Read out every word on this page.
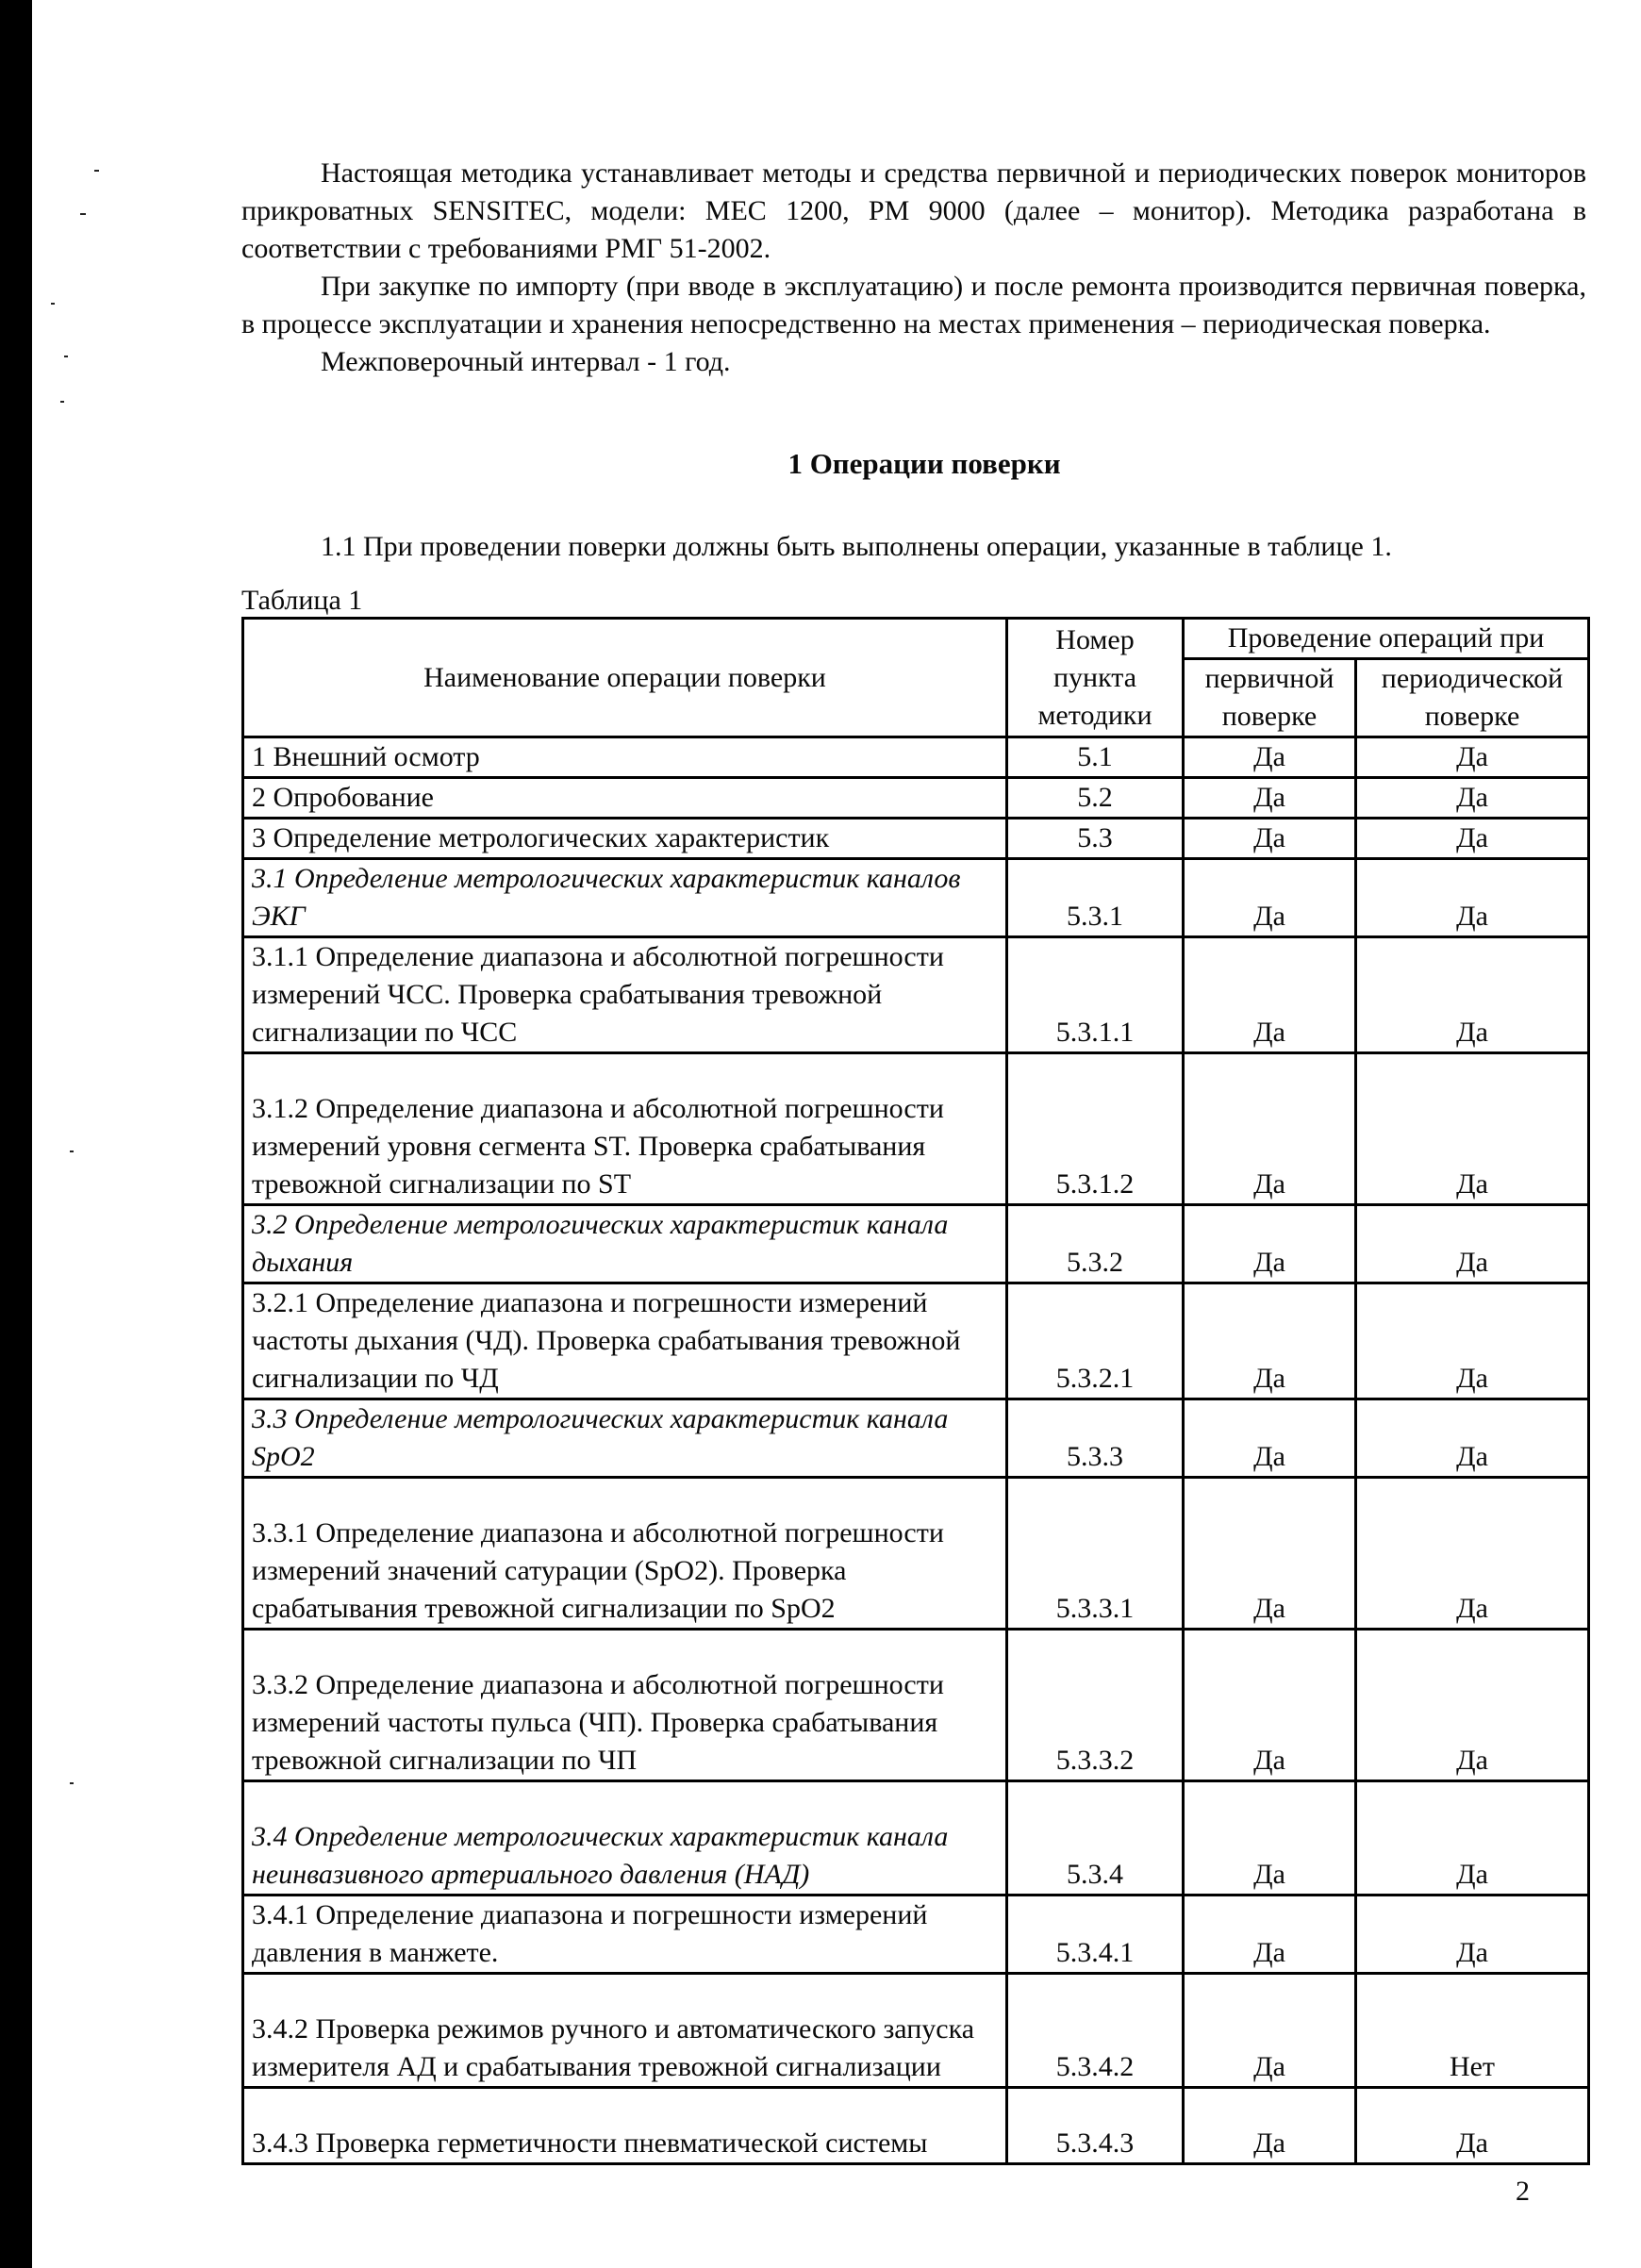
Настоящая методика устанавливает методы и средства первичной и периодических поверок мониторов прикроватных SENSITEC, модели: МЕС 1200, РМ 9000 (далее – монитор). Методика разработана в соответствии с требованиями РМГ 51-2002.

При закупке по импорту (при вводе в эксплуатацию) и после ремонта производится первичная поверка, в процессе эксплуатации и хранения непосредственно на местах применения – периодическая поверка.

Межповерочный интервал - 1 год.

1 Операции поверки
1.1 При проведении поверки должны быть выполнены операции, указанные в таблице 1.
Таблица 1
Наименование операции поверки	Номер пункта методики	Проведение операций при	
		первичной поверке	периодической поверке
1 Внешний осмотр	5.1	Да	Да
2 Опробование	5.2	Да	Да
3 Определение метрологических характеристик	5.3	Да	Да
3.1 Определение метрологических характеристик каналов ЭКГ	5.3.1	Да	Да
3.1.1 Определение диапазона и абсолютной погрешности измерений ЧСС. Проверка срабатывания тревожной сигнализации по ЧСС	5.3.1.1	Да	Да
3.1.2 Определение диапазона и абсолютной погрешности измерений уровня сегмента ST. Проверка срабатывания тревожной сигнализации по ST	5.3.1.2	Да	Да
3.2 Определение метрологических характеристик канала дыхания	5.3.2	Да	Да
3.2.1 Определение диапазона и погрешности измерений частоты дыхания (ЧД). Проверка срабатывания тревожной сигнализации по ЧД	5.3.2.1	Да	Да
3.3 Определение метрологических характеристик канала SpO2	5.3.3	Да	Да
3.3.1 Определение диапазона и абсолютной погрешности измерений значений сатурации (SpO2). Проверка срабатывания тревожной сигнализации по SpO2	5.3.3.1	Да	Да
3.3.2 Определение диапазона и абсолютной погрешности измерений частоты пульса (ЧП). Проверка срабатывания тревожной сигнализации по ЧП	5.3.3.2	Да	Да
3.4 Определение метрологических характеристик канала неинвазивного артериального давления (НАД)	5.3.4	Да	Да
3.4.1 Определение диапазона и погрешности измерений давления в манжете.	5.3.4.1	Да	Да
3.4.2 Проверка режимов ручного и автоматического запуска измерителя АД и срабатывания тревожной сигнализации	5.3.4.2	Да	Нет
3.4.3 Проверка герметичности пневматической системы	5.3.4.3	Да	Да
2
